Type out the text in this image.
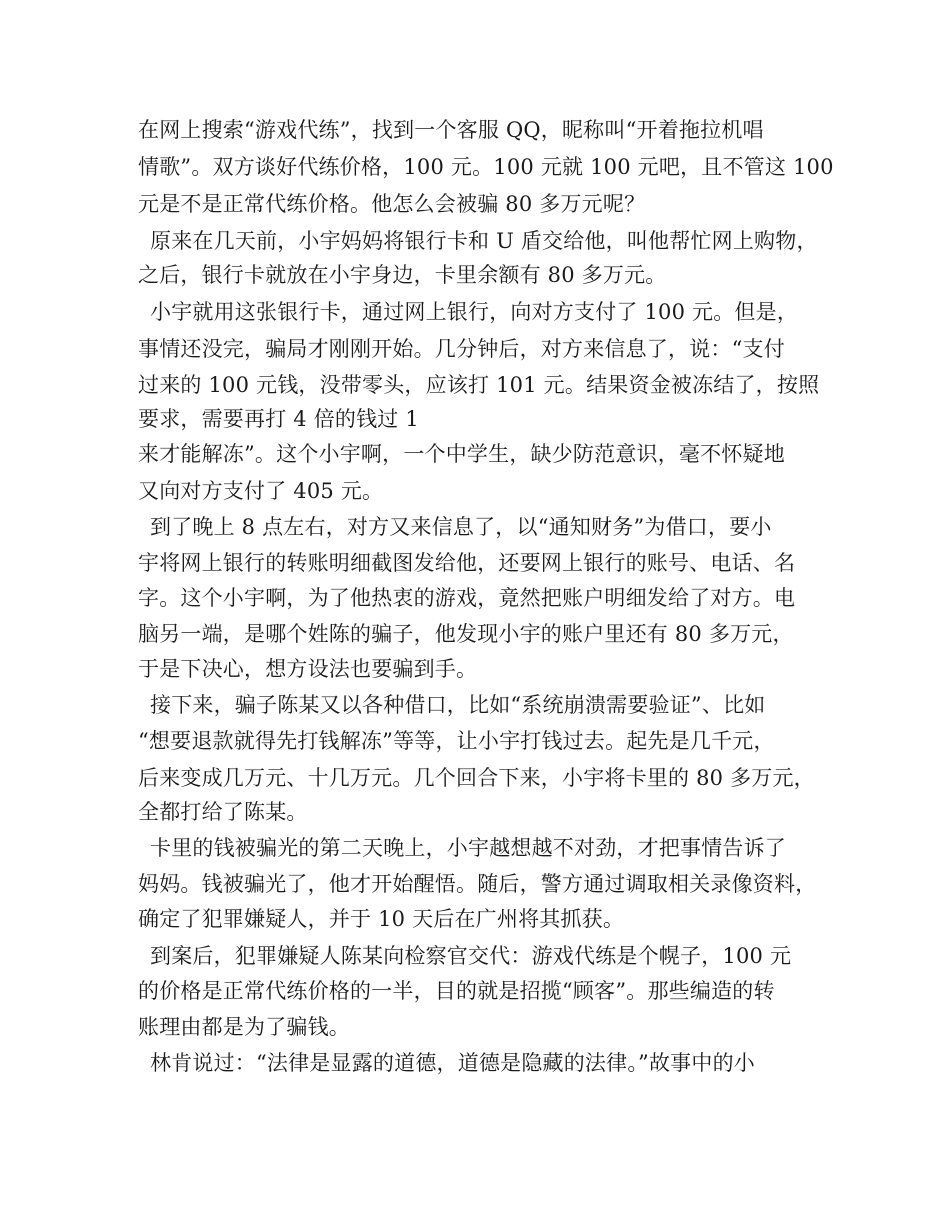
在网上搜索“游戏代练”，找到一个客服 QQ，昵称叫“开着拖拉机唱

情歌”。双方谈好代练价格，100 元。100 元就 100 元吧，且不管这 100

元是不是正常代练价格。他怎么会被骗 80 多万元呢？

原来在几天前，小宇妈妈将银行卡和 U 盾交给他，叫他帮忙网上购物，

之后，银行卡就放在小宇身边，卡里余额有 80 多万元。

小宇就用这张银行卡，通过网上银行，向对方支付了 100 元。但是，

事情还没完，骗局才刚刚开始。几分钟后，对方来信息了，说：“支付

过来的 100 元钱，没带零头，应该打 101 元。结果资金被冻结了，按照

要求，需要再打 4 倍的钱过 1

来才能解冻”。这个小宇啊，一个中学生，缺少防范意识，毫不怀疑地

又向对方支付了 405 元。

到了晚上 8 点左右，对方又来信息了，以“通知财务”为借口，要小

宇将网上银行的转账明细截图发给他，还要网上银行的账号、电话、名

字。这个小宇啊，为了他热衷的游戏，竟然把账户明细发给了对方。电

脑另一端，是哪个姓陈的骗子，他发现小宇的账户里还有 80 多万元，

于是下决心，想方设法也要骗到手。

接下来，骗子陈某又以各种借口，比如“系统崩溃需要验证”、比如

“想要退款就得先打钱解冻”等等，让小宇打钱过去。起先是几千元，

后来变成几万元、十几万元。几个回合下来，小宇将卡里的 80 多万元，

全都打给了陈某。

卡里的钱被骗光的第二天晚上，小宇越想越不对劲，才把事情告诉了

妈妈。钱被骗光了，他才开始醒悟。随后，警方通过调取相关录像资料，

确定了犯罪嫌疑人，并于 10 天后在广州将其抓获。

到案后，犯罪嫌疑人陈某向检察官交代：游戏代练是个幌子，100 元

的价格是正常代练价格的一半，目的就是招揽“顾客”。那些编造的转

账理由都是为了骗钱。

林肯说过：“法律是显露的道德，道德是隐藏的法律。”故事中的小
